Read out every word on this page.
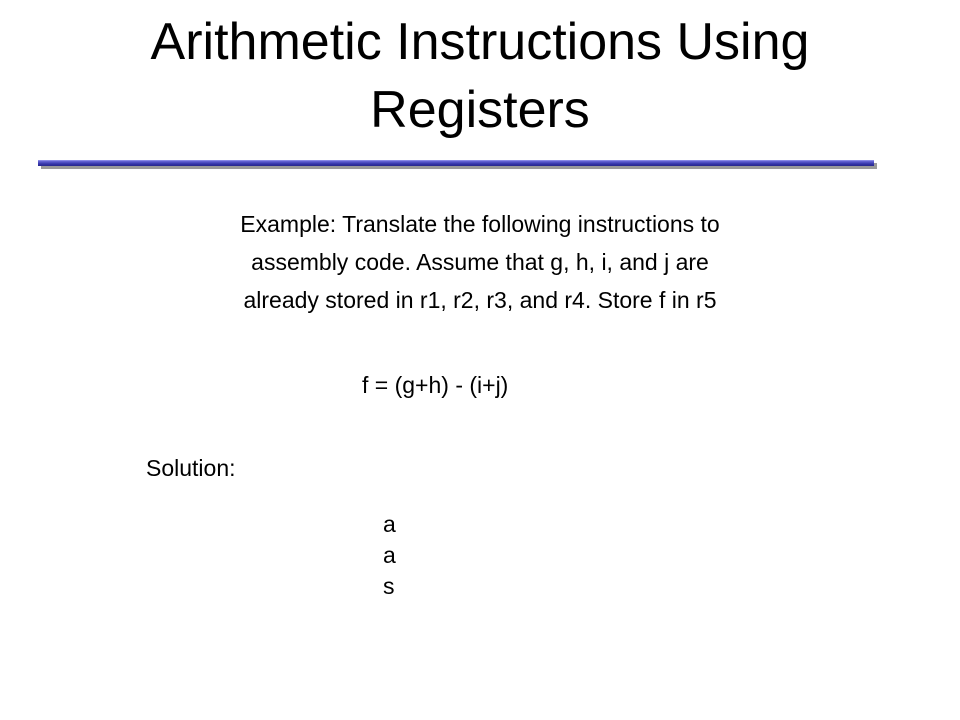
Arithmetic Instructions Using
Registers
Example: Translate the following instructions to
assembly code. Assume that g, h, i, and j are
already stored in r1, r2, r3, and r4. Store f in r5
f = (g+h) - (i+j)
Solution:
a
a
s
